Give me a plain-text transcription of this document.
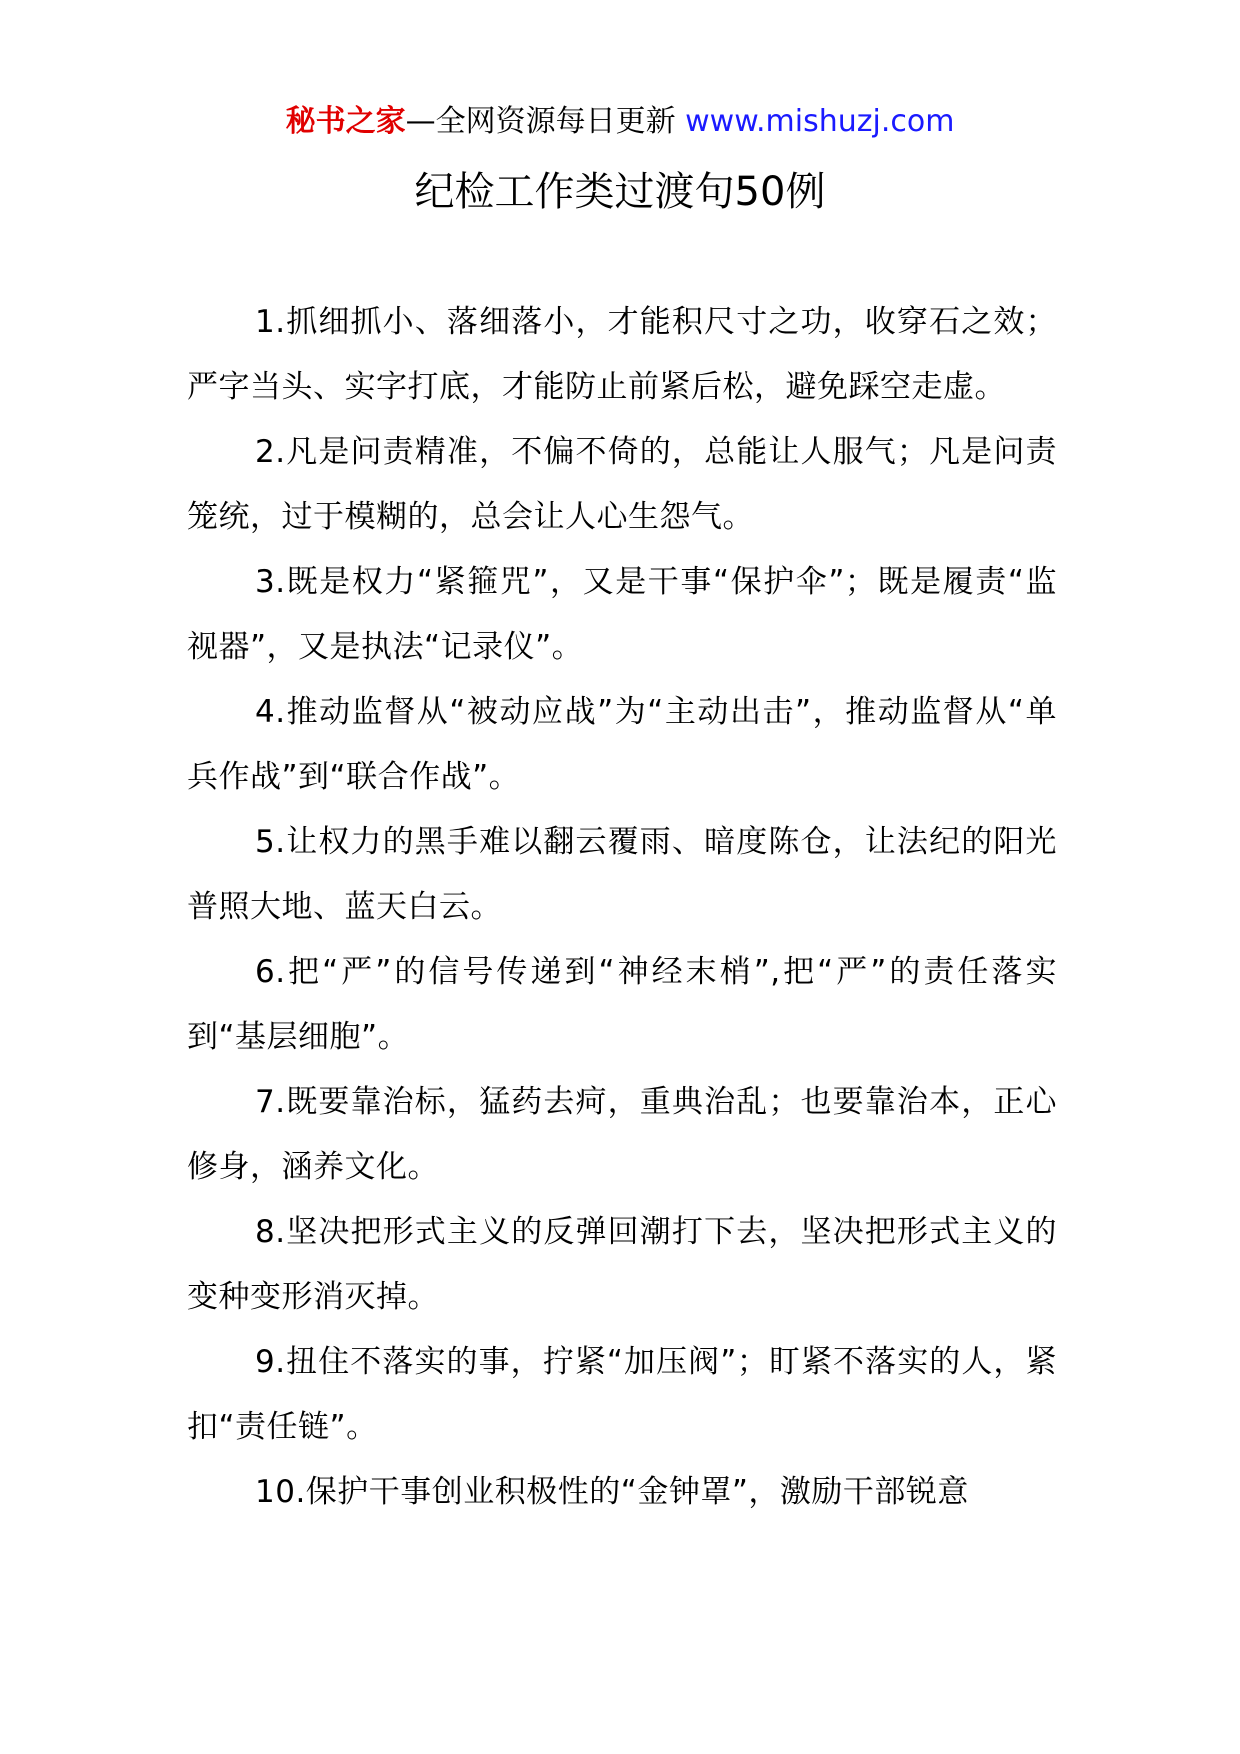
秘书之家—全网资源每日更新 www.mishuzj.com
纪检工作类过渡句50例

1.抓细抓小、落细落小，才能积尺寸之功，收穿石之效；严字当头、实字打底，才能防止前紧后松，避免踩空走虚。

2.凡是问责精准，不偏不倚的，总能让人服气；凡是问责笼统，过于模糊的，总会让人心生怨气。

3.既是权力“紧箍咒”，又是干事“保护伞”；既是履责“监视器”，又是执法“记录仪”。

4.推动监督从“被动应战”为“主动出击”，推动监督从“单兵作战”到“联合作战”。

5.让权力的黑手难以翻云覆雨、暗度陈仓，让法纪的阳光普照大地、蓝天白云。

6.把“严”的信号传递到“神经末梢”,把“严”的责任落实到“基层细胞”。

7.既要靠治标，猛药去疴，重典治乱；也要靠治本，正心修身，涵养文化。

8.坚决把形式主义的反弹回潮打下去，坚决把形式主义的变种变形消灭掉。

9.扭住不落实的事，拧紧“加压阀”；盯紧不落实的人，紧扣“责任链”。

10.保护干事创业积极性的“金钟罩”，激励干部锐意
